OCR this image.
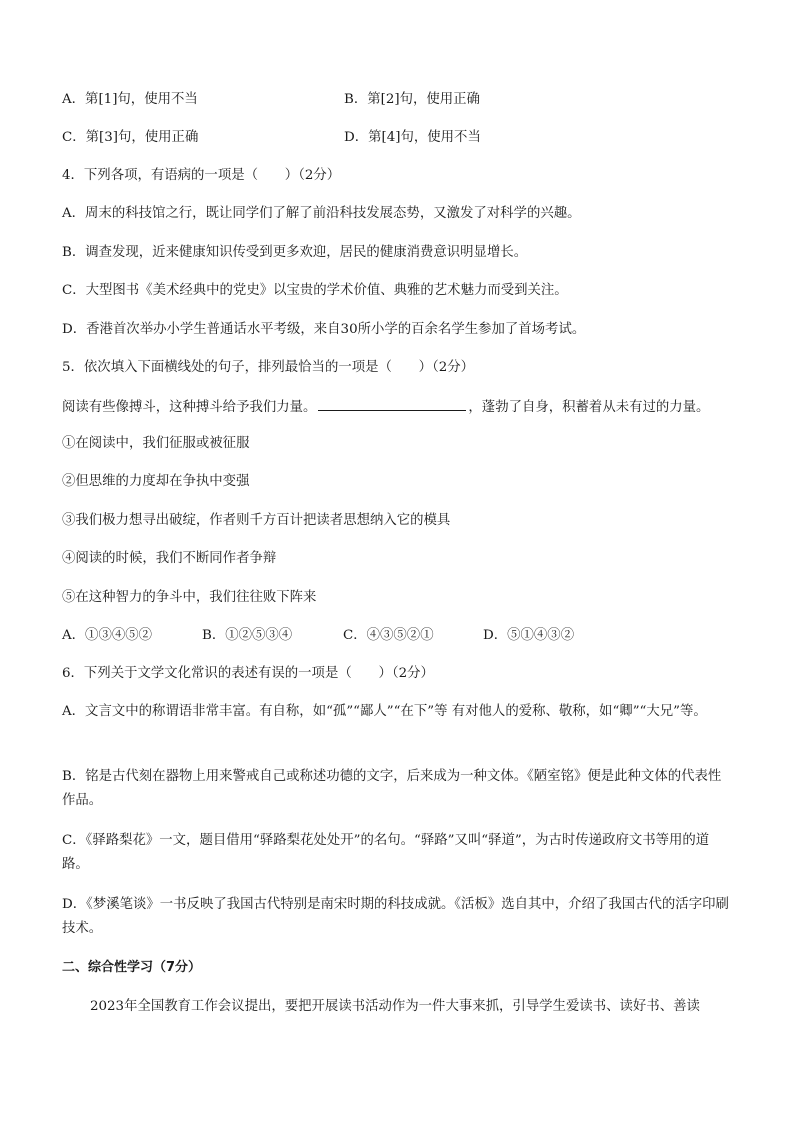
A．第[1]句，使用不当	B．第[2]句，使用正确
C．第[3]句，使用正确	D．第[4]句，使用不当
4．下列各项，有语病的一项是（　　）（2分）
A．周末的科技馆之行，既让同学们了解了前沿科技发展态势，又激发了对科学的兴趣。
B．调查发现，近来健康知识传受到更多欢迎，居民的健康消费意识明显增长。
C．大型图书《美术经典中的党史》以宝贵的学术价值、典雅的艺术魅力而受到关注。
D．香港首次举办小学生普通话水平考级，来自30所小学的百余名学生参加了首场考试。
5．依次填入下面横线处的句子，排列最恰当的一项是（　　）（2分）
阅读有些像搏斗，这种搏斗给予我们力量。	，蓬勃了自身，积蓄着从未有过的力量。
①在阅读中，我们征服或被征服
②但思维的力度却在争执中变强
③我们极力想寻出破绽，作者则千方百计把读者思想纳入它的模具
④阅读的时候，我们不断同作者争辩
⑤在这种智力的争斗中，我们往往败下阵来
A．①③④⑤②	B．①②⑤③④	C．④③⑤②①	D．⑤①④③②
6．下列关于文学文化常识的表述有误的一项是（　　）（2分）
A．文言文中的称谓语非常丰富。有自称，如“孤”“鄙人”“在下”等 有对他人的爱称、敬称，如“卿”“大兄”等。
B．铭是古代刻在器物上用来警戒自己或称述功德的文字，后来成为一种文体。《陋室铭》便是此种文体的代表性作品。
C．《驿路梨花》一文，题目借用“驿路梨花处处开”的名句。“驿路”又叫“驿道”，为古时传递政府文书等用的道路。
D．《梦溪笔谈》一书反映了我国古代特别是南宋时期的科技成就。《活板》选自其中，介绍了我国古代的活字印刷技术。
二、综合性学习（7分）
2023年全国教育工作会议提出，要把开展读书活动作为一件大事来抓，引导学生爱读书、读好书、善读
